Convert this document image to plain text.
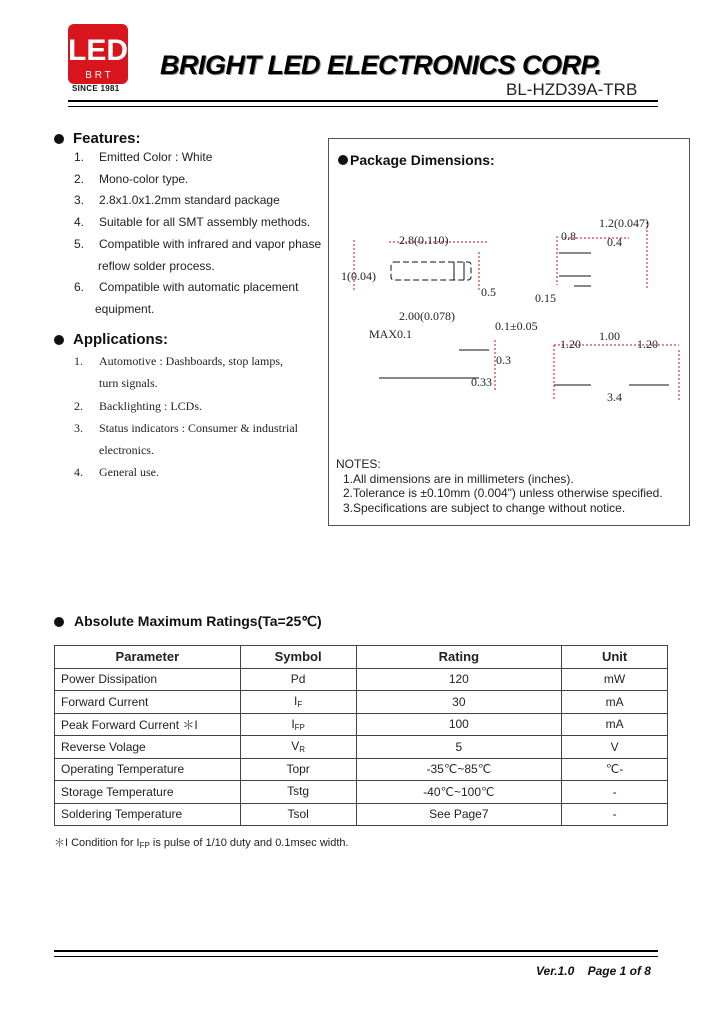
LED
B R T
SINCE 1981
BRIGHT LED ELECTRONICS CORP.
BL-HZD39A-TRB
Features:
1.	Emitted Color : White
2.	Mono-color type.
3.	2.8x1.0x1.2mm standard package
4.	Suitable for all SMT assembly methods.
5.	Compatible with infrared and vapor phase
reflow solder process.
6.	Compatible with automatic placement
equipment.
Applications:
1.	Automotive : Dashboards, stop lamps,
turn signals.
2.	Backlighting : LCDs.
3.	Status indicators : Consumer & industrial
electronics.
4.	General use.
Package Dimensions:
2.8(0.110)
1(0.04)
0.5
1.2(0.047)
0.8	0.4
0.15
2.00(0.078)
MAX0.1
0.1±0.05
0.3
0.33
1.20
1.00
1.20
3.4
NOTES:
1.All dimensions are in millimeters (inches).
2.Tolerance is ±0.10mm (0.004") unless otherwise specified.
3.Specifications are subject to change without notice.
Absolute Maximum Ratings(Ta=25℃)
Parameter	Symbol	Rating	Unit
Power Dissipation	Pd	120	mW
Forward Current	$I_F$	30	mA
Peak Forward Current ＊I	$I_{FP}$	100	mA
Reverse Volage	$V_R$	5	V
Operating Temperature	Topr	-35℃~85℃	℃-
Storage Temperature	Tstg	-40℃~100℃	-
Soldering Temperature	Tsol	See Page7	-
＊I Condition for $I_{FP}$ is pulse of 1/10 duty and 0.1msec width.
Ver.1.0    Page 1 of 8
